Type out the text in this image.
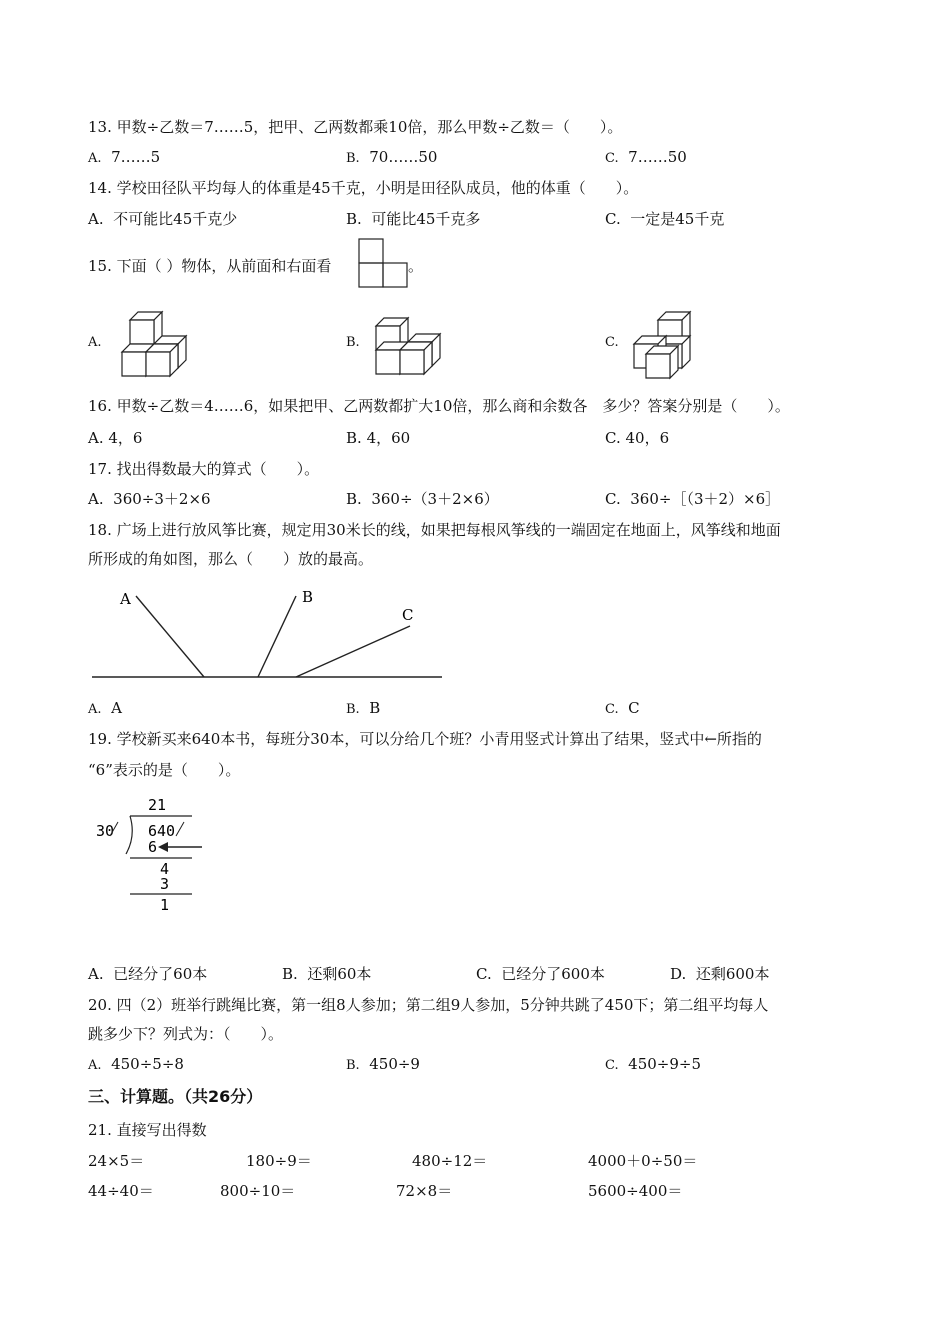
13. 甲数÷乙数＝7……5，把甲、乙两数都乘10倍，那么甲数÷乙数＝（　　）。
A. 7……5	B. 70……50	C. 7……50
14. 学校田径队平均每人的体重是45千克，小明是田径队成员，他的体重（　　）。
A. 不可能比45千克少	B. 可能比45千克多	C. 一定是45千克
15. 下面（ ）物体，从前面和右面看	。
A.	B.	C.
16. 甲数÷乙数＝4……6，如果把甲、乙两数都扩大10倍，那么商和余数各　多少？答案分别是（　　）。
A. 4，6	B. 4，60	C. 40，6
17. 找出得数最大的算式（　　）。
A. 360÷3＋2×6	B. 360÷（3＋2×6）	C. 360÷［（3＋2）×6］
18. 广场上进行放风筝比赛，规定用30米长的线，如果把每根风筝线的一端固定在地面上，风筝线和地面
所形成的角如图，那么（　　）放的最高。
A	B
C
A. A	B. B	C. C
19. 学校新买来640本书，每班分30本，可以分给几个班？小青用竖式计算出了结果，竖式中←所指的
“6”表示的是（　　）。
21
30 640
6
4
3
1
A. 已经分了60本	B. 还剩60本	C. 已经分了600本	D. 还剩600本
20. 四（2）班举行跳绳比赛，第一组8人参加；第二组9人参加，5分钟共跳了450下；第二组平均每人
跳多少下？列式为：（　　）。
A. 450÷5÷8	B. 450÷9	C. 450÷9÷5
三、计算题。（共26分）
21. 直接写出得数
24×5＝	180÷9＝	480÷12＝	4000＋0÷50＝
44÷40＝	800÷10＝	72×8＝	5600÷400＝
